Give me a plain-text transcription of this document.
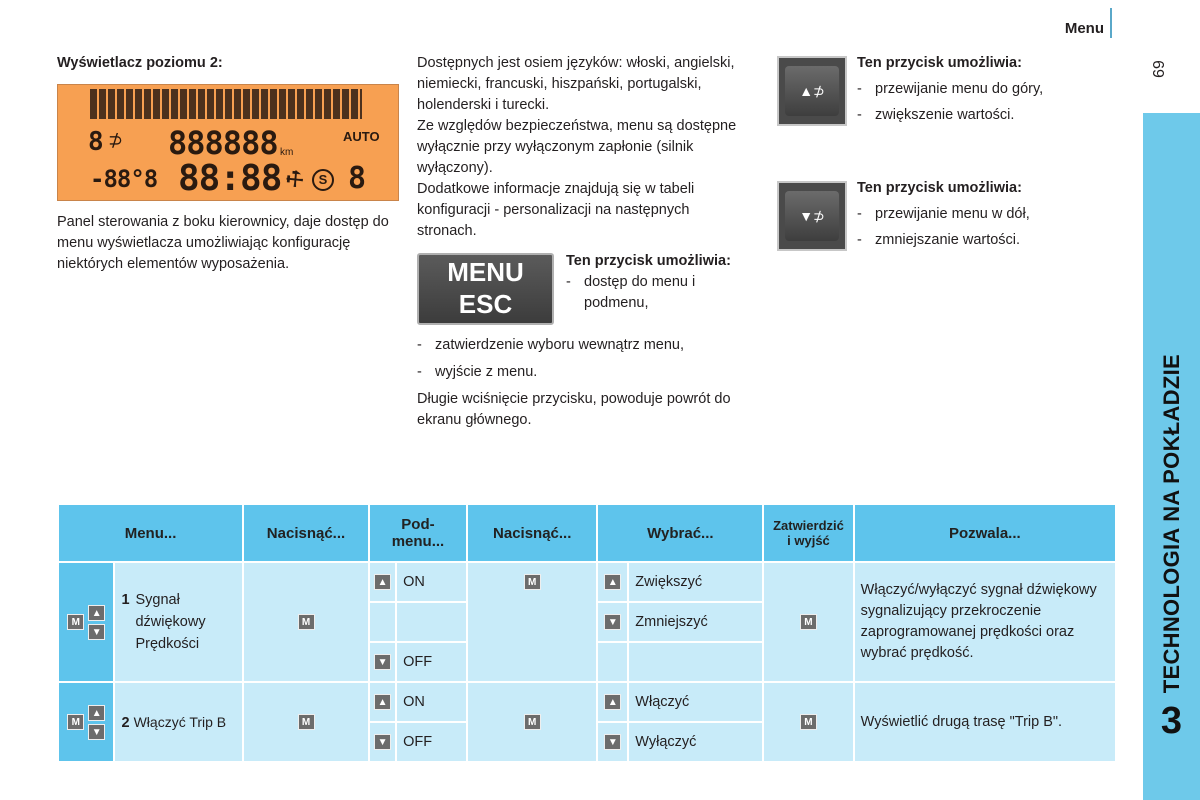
Menu
69
TECHNOLOGIA NA POKŁADZIE
3
Wyświetlacz poziomu 2:
8 ⊅ 888888 km
AUTO
-88°8 88:88 ⚒ S 8
Panel sterowania z boku kierownicy, daje dostęp do menu wyświetlacza umożliwiając konfigurację niektórych elementów wyposażenia.
Dostępnych jest osiem języków: włoski, angielski, niemiecki, francuski, hiszpański, portugalski, holenderski i turecki.
Ze względów bezpieczeństwa, menu są dostępne wyłącznie przy wyłączonym zapłonie (silnik wyłączony).
Dodatkowe informacje znajdują się w tabeli konfiguracji - personalizacji na następnych stronach.
MENU
ESC
Ten przycisk umożliwia:
- dostęp do menu i podmenu,
- zatwierdzenie wyboru wewnątrz menu,
- wyjście z menu.
Długie wciśnięcie przycisku, powoduje powrót do ekranu głównego.
▲⊅
Ten przycisk umożliwia:
- przewijanie menu do góry,
- zwiększenie wartości.
▼⊅
Ten przycisk umożliwia:
- przewijanie menu w dół,
- zmniejszanie wartości.
Menu...		Nacisnąć...	Pod-
menu...		Nacisnąć...	Wybrać...		Zatwierdzić
i wyjść	Pozwala...

M
▲
▼	1 Sygnał
dźwiękowy
Prędkości	M	▲	ON	M	▲	Zwiększyć	M	Włączyć/wyłączyć sygnał dźwiękowy sygnalizujący przekroczenie zaprogramowanej prędkości oraz wybrać prędkość.
						▼	Zmniejszyć		
			▼	OFF					

M
▲
▼	2 Włączyć Trip B	M	▲	ON	M	▲	Włączyć	M	Wyświetlić drugą trasę "Trip B".
			▼	OFF		▼	Wyłączyć		
